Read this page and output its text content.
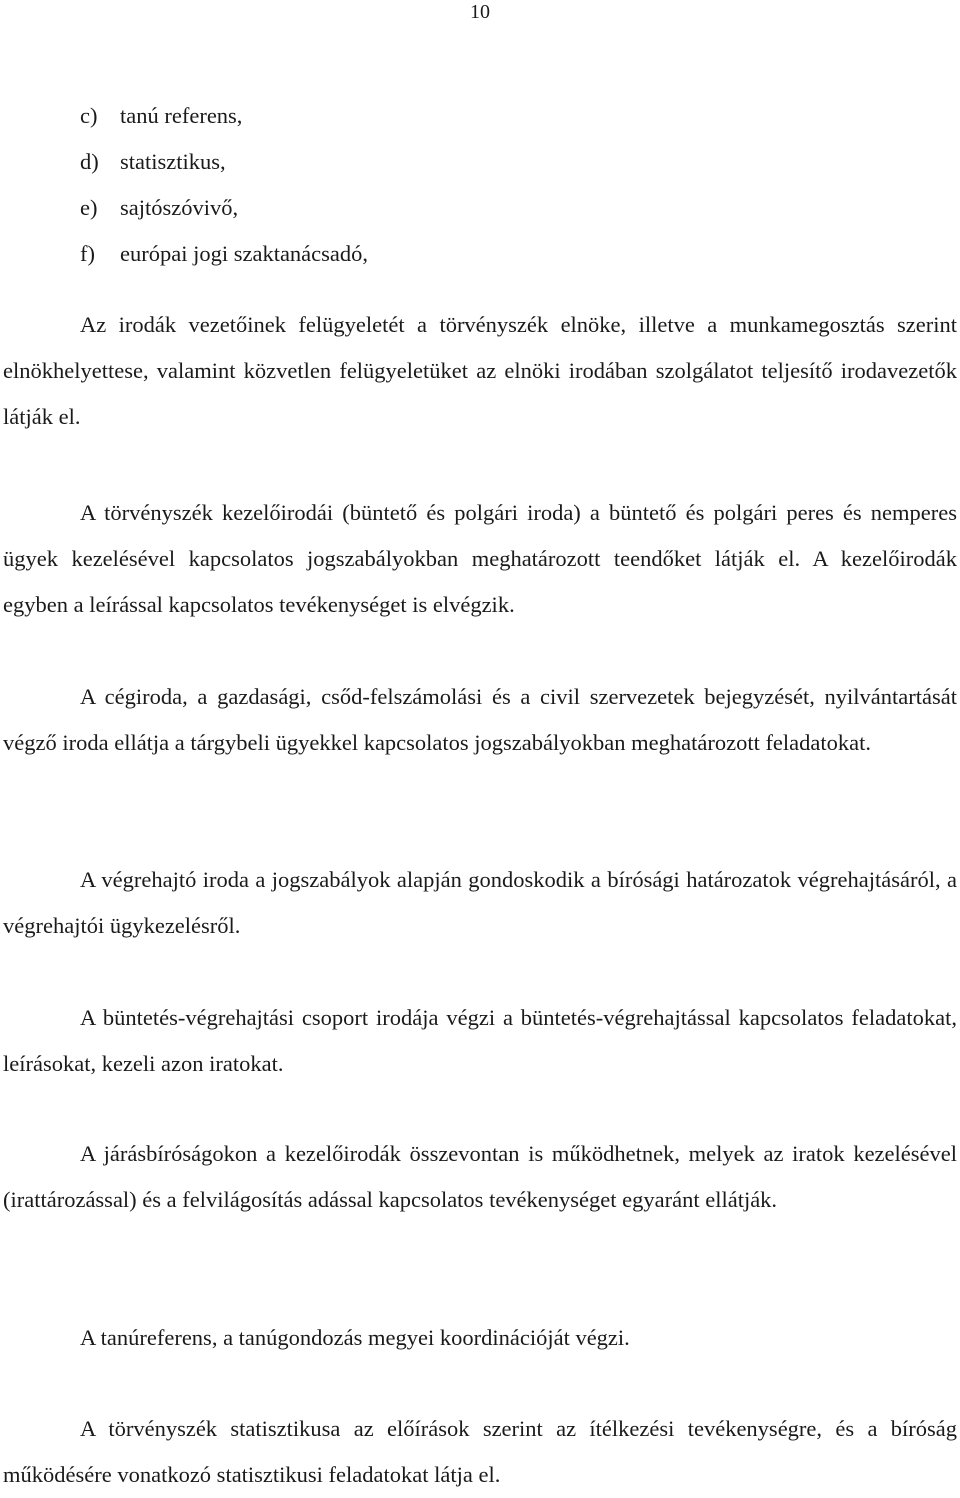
10
c) tanú referens,
d) statisztikus,
e) sajtószóvivő,
f) európai jogi szaktanácsadó,

Az irodák vezetőinek felügyeletét a törvényszék elnöke, illetve a munkamegosztás szerint elnökhelyettese, valamint közvetlen felügyeletüket az elnöki irodában szolgálatot teljesítő irodavezetők látják el.

A törvényszék kezelőirodái (büntető és polgári iroda) a büntető és polgári peres és nemperes ügyek kezelésével kapcsolatos jogszabályokban meghatározott teendőket látják el. A kezelőirodák egyben a leírással kapcsolatos tevékenységet is elvégzik.

A cégiroda, a gazdasági, csőd-felszámolási és a civil szervezetek bejegyzését, nyilvántartását végző iroda ellátja a tárgybeli ügyekkel kapcsolatos jogszabályokban meghatározott feladatokat.

A végrehajtó iroda a jogszabályok alapján gondoskodik a bírósági határozatok végrehajtásáról, a végrehajtói ügykezelésről.

A büntetés-végrehajtási csoport irodája végzi a büntetés-végrehajtással kapcsolatos feladatokat, leírásokat, kezeli azon iratokat.

A járásbíróságokon a kezelőirodák összevontan is működhetnek, melyek az iratok kezelésével (irattározással) és a felvilágosítás adással kapcsolatos tevékenységet egyaránt ellátják.

A tanúreferens, a tanúgondozás megyei koordinációját végzi.

A törvényszék statisztikusa az előírások szerint az ítélkezési tevékenységre, és a bíróság működésére vonatkozó statisztikusi feladatokat látja el.
